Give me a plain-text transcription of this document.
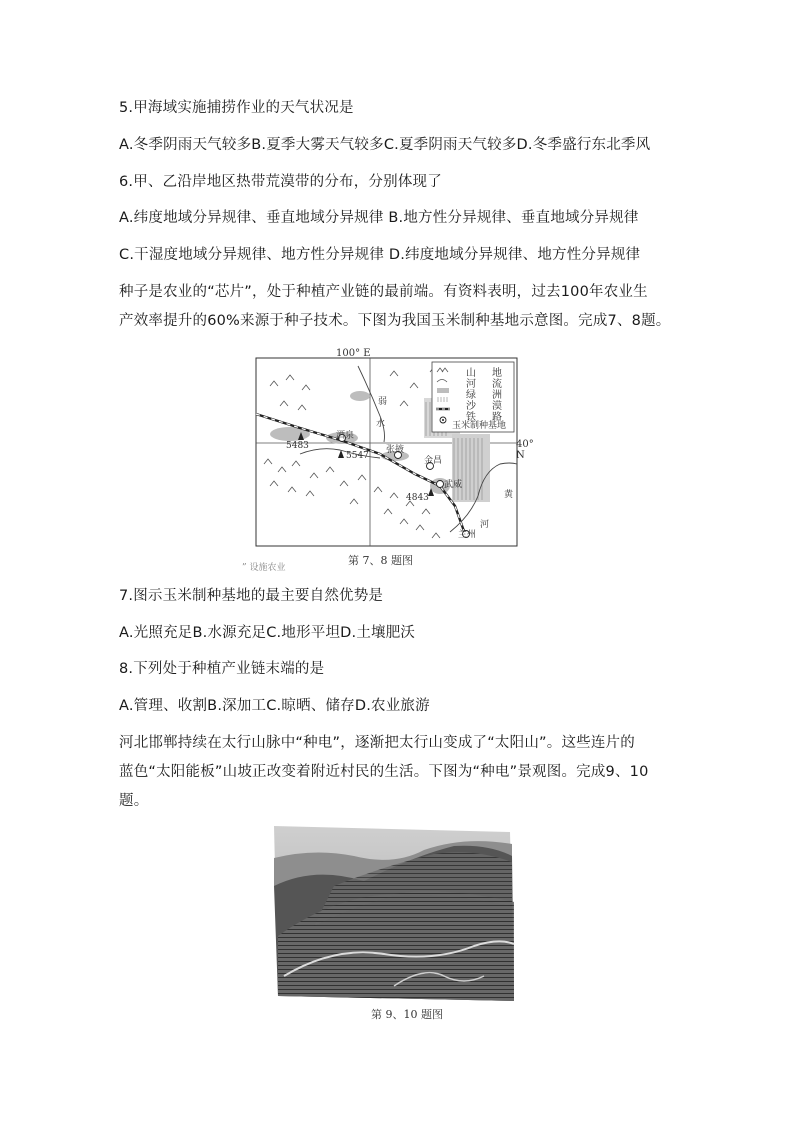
5.甲海域实施捕捞作业的天气状况是
A.冬季阴雨天气较多B.夏季大雾天气较多C.夏季阴雨天气较多D.冬季盛行东北季风
6.甲、乙沿岸地区热带荒漠带的分布，分别体现了
A.纬度地域分异规律、垂直地域分异规律 B.地方性分异规律、垂直地域分异规律
C.干湿度地域分异规律、地方性分异规律 D.纬度地域分异规律、地方性分异规律
种子是农业的“芯片”，处于种植产业链的最前端。有资料表明，过去100年农业生
产效率提升的60%来源于种子技术。下图为我国玉米制种基地示意图。完成7、8题。
100° E
40° N
山 地
河 流
绿 洲
沙 漠
铁 路
玉米制种基地
酒泉
张掖
金昌
武威
兰州
弱
水
黄
河
5483
5547
4843
第 7、8 题图
” 设施农业
7.图示玉米制种基地的最主要自然优势是
A.光照充足B.水源充足C.地形平坦D.土壤肥沃
8.下列处于种植产业链末端的是
A.管理、收割B.深加工C.晾晒、储存D.农业旅游
河北邯郸持续在太行山脉中“种电”，逐渐把太行山变成了“太阳山”。这些连片的
蓝色“太阳能板”山坡正改变着附近村民的生活。下图为“种电”景观图。完成9、10
题。
第 9、10 题图
